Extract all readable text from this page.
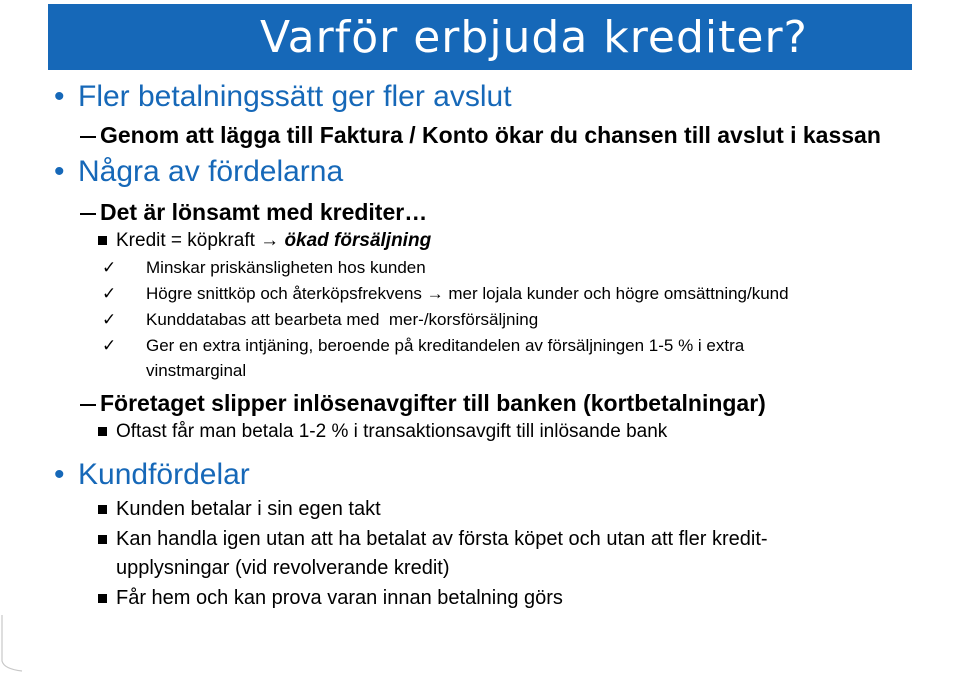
Varför erbjuda krediter?
• Fler betalningssätt ger fler avslut
Genom att lägga till Faktura / Konto ökar du chansen till avslut i kassan
• Några av fördelarna
Det är lönsamt med krediter…
Kredit = köpkraft → ökad försäljning
✓ Minskar priskänsligheten hos kunden
✓ Högre snittköp och återköpsfrekvens → mer lojala kunder och högre omsättning/kund
✓ Kunddatabas att bearbeta med  mer-/korsförsäljning
✓ Ger en extra intjäning, beroende på kreditandelen av försäljningen 1-5 % i extra
vinstmarginal
Företaget slipper inlösenavgifter till banken (kortbetalningar)
Oftast får man betala 1-2 % i transaktionsavgift till inlösande bank
• Kundfördelar
Kunden betalar i sin egen takt
Kan handla igen utan att ha betalat av första köpet och utan att fler kredit-
upplysningar (vid revolverande kredit)
Får hem och kan prova varan innan betalning görs
